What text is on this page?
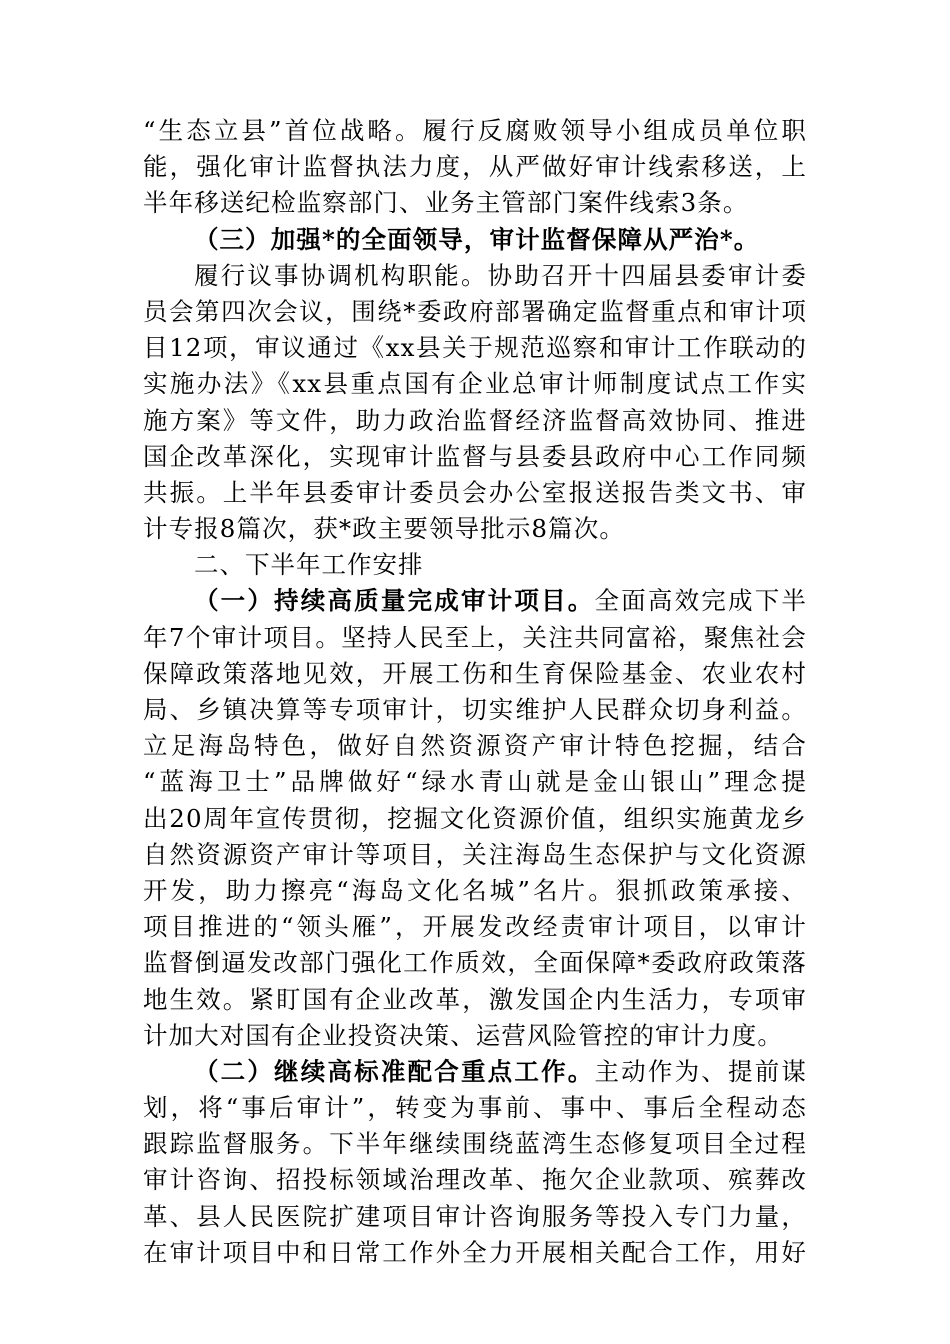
“生态立县”首位战略。履行反腐败领导小组成员单位职
能，强化审计监督执法力度，从严做好审计线索移送，上
半年移送纪检监察部门、业务主管部门案件线索3条。
（三）加强*的全面领导，审计监督保障从严治*。
履行议事协调机构职能。协助召开十四届县委审计委
员会第四次会议，围绕*委政府部署确定监督重点和审计项
目12项，审议通过《xx县关于规范巡察和审计工作联动的
实施办法》《xx县重点国有企业总审计师制度试点工作实
施方案》等文件，助力政治监督经济监督高效协同、推进
国企改革深化，实现审计监督与县委县政府中心工作同频
共振。上半年县委审计委员会办公室报送报告类文书、审
计专报8篇次，获*政主要领导批示8篇次。
二、下半年工作安排
（一）持续高质量完成审计项目。全面高效完成下半
年7个审计项目。坚持人民至上，关注共同富裕，聚焦社会
保障政策落地见效，开展工伤和生育保险基金、农业农村
局、乡镇决算等专项审计，切实维护人民群众切身利益。
立足海岛特色，做好自然资源资产审计特色挖掘，结合
“蓝海卫士”品牌做好“绿水青山就是金山银山”理念提
出20周年宣传贯彻，挖掘文化资源价值，组织实施黄龙乡
自然资源资产审计等项目，关注海岛生态保护与文化资源
开发，助力擦亮“海岛文化名城”名片。狠抓政策承接、
项目推进的“领头雁”，开展发改经责审计项目，以审计
监督倒逼发改部门强化工作质效，全面保障*委政府政策落
地生效。紧盯国有企业改革，激发国企内生活力，专项审
计加大对国有企业投资决策、运营风险管控的审计力度。
（二）继续高标准配合重点工作。主动作为、提前谋
划，将“事后审计”，转变为事前、事中、事后全程动态
跟踪监督服务。下半年继续围绕蓝湾生态修复项目全过程
审计咨询、招投标领域治理改革、拖欠企业款项、殡葬改
革、县人民医院扩建项目审计咨询服务等投入专门力量，
在审计项目中和日常工作外全力开展相关配合工作，用好
